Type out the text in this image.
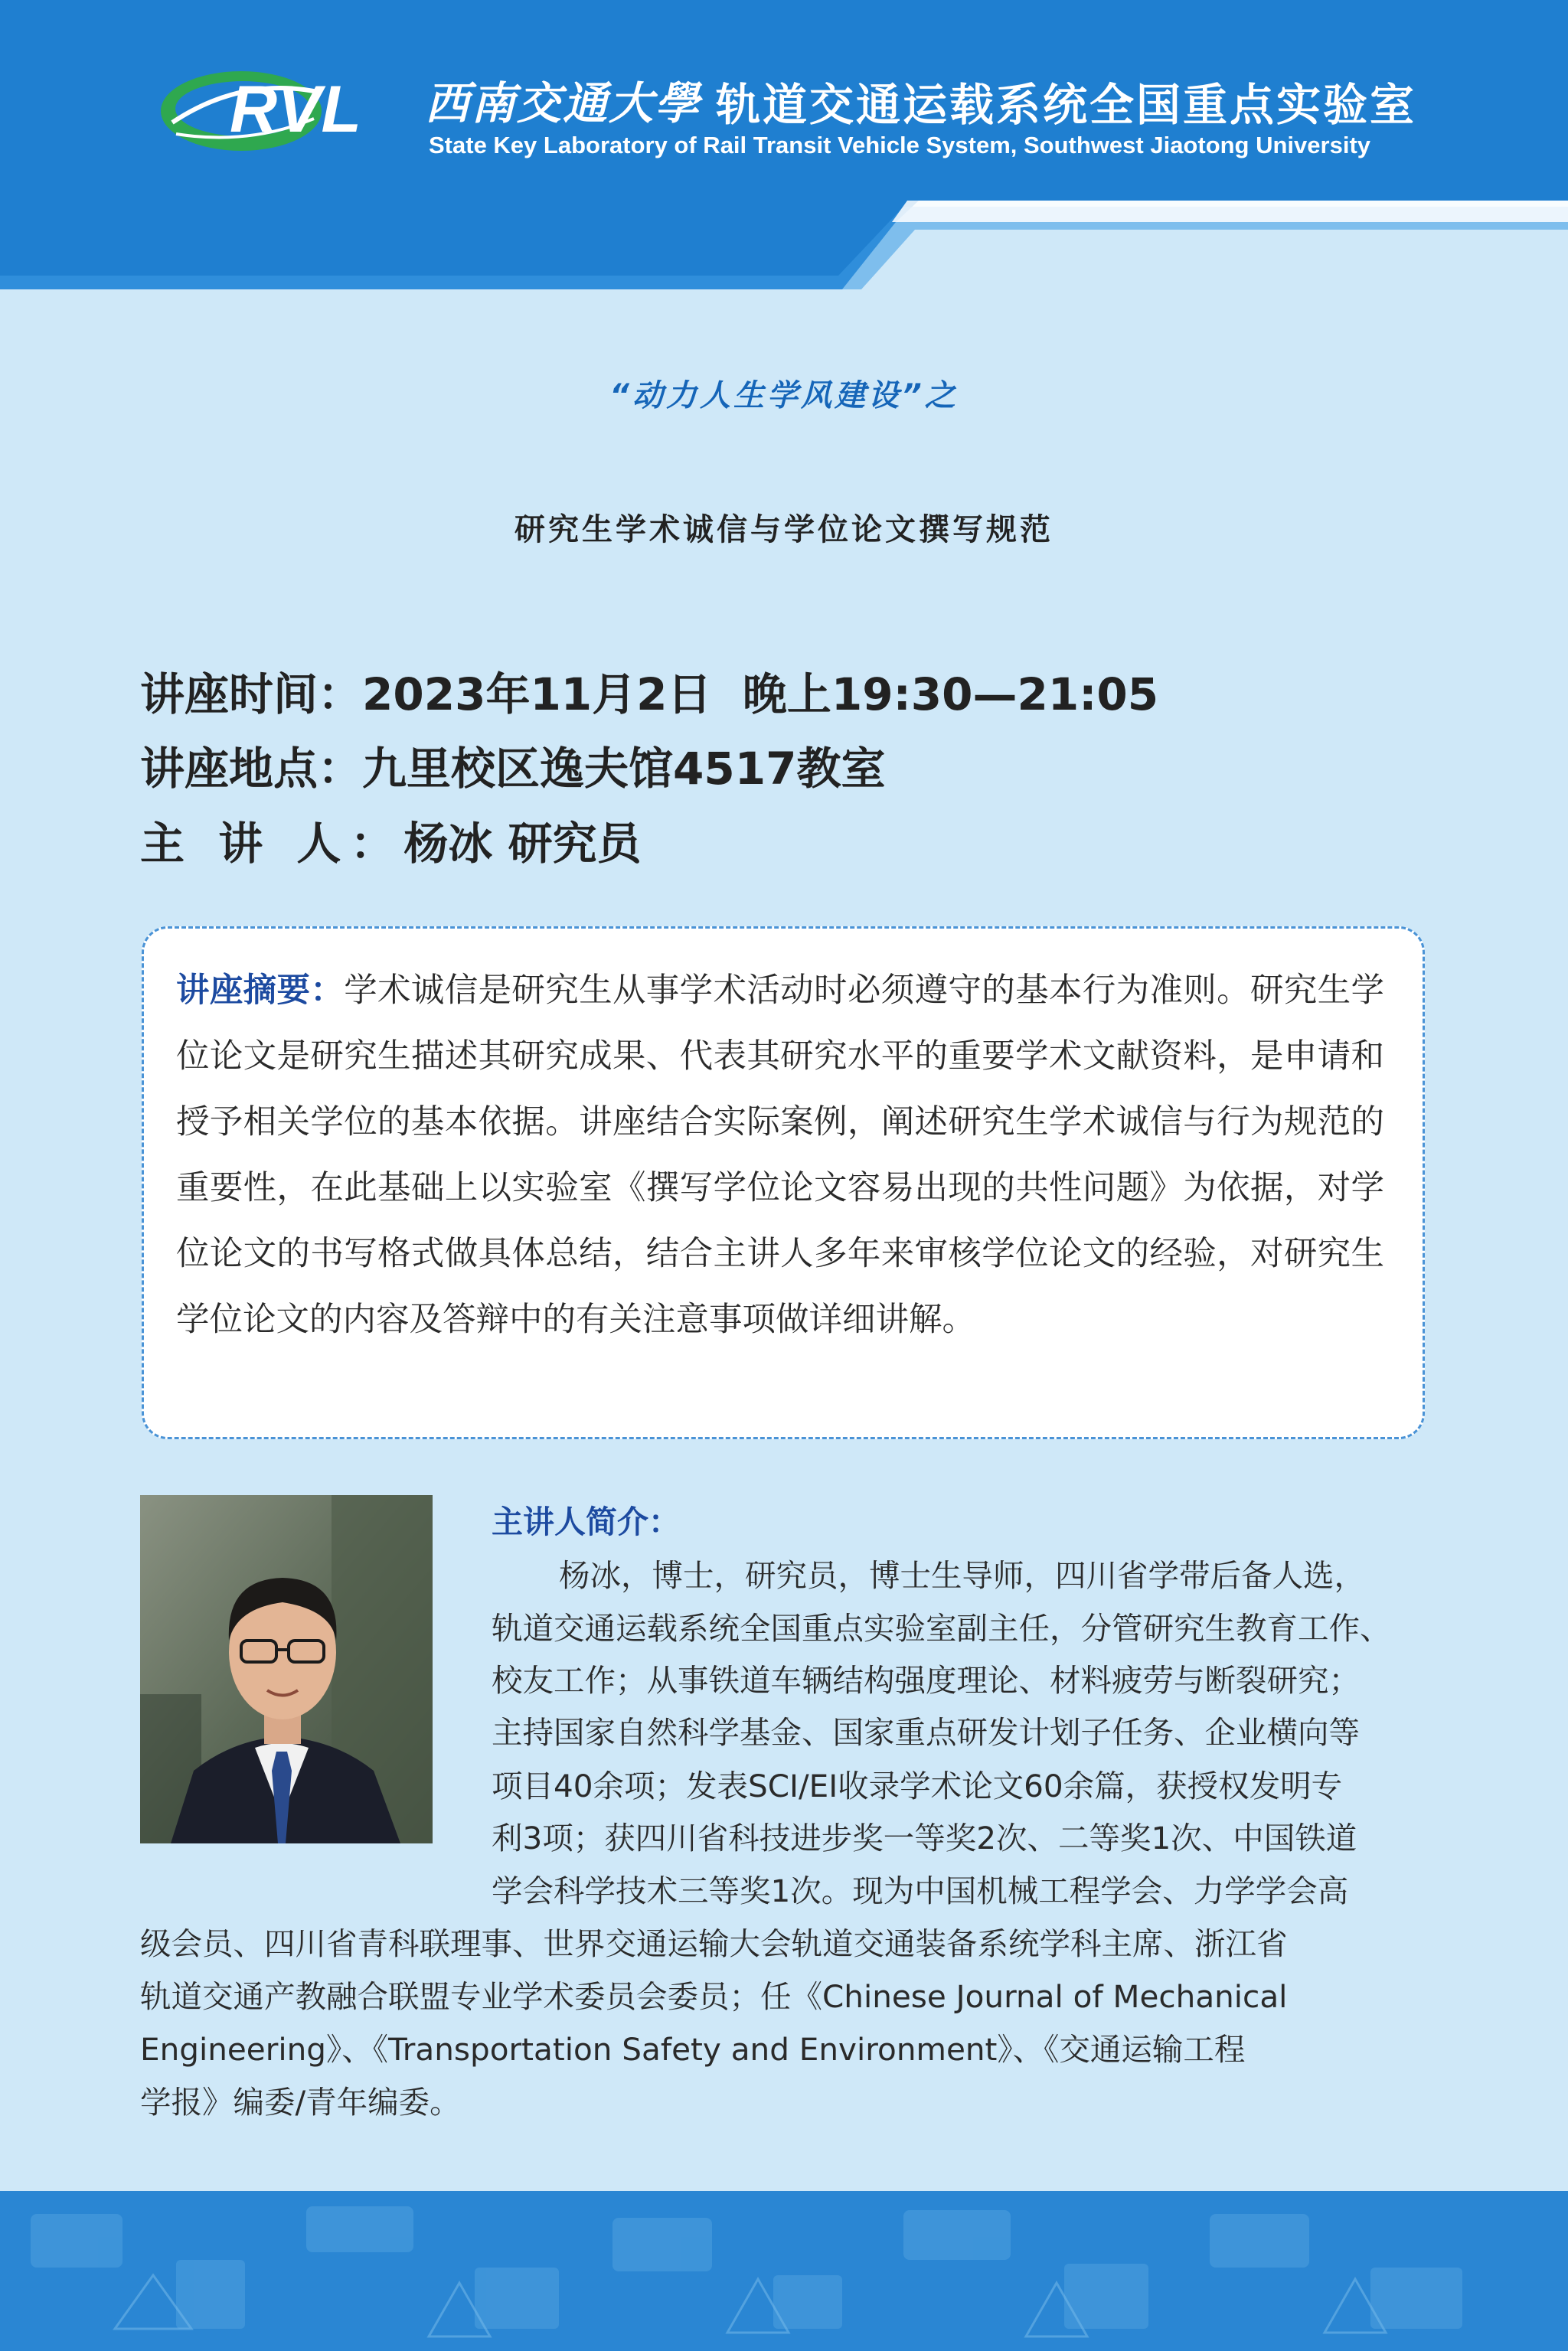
RVL 西南交通大學 轨道交通运载系统全国重点实验室
State Key Laboratory of Rail Transit Vehicle System, Southwest Jiaotong University
“动力人生学风建设”之
研究生学术诚信与学位论文撰写规范
讲座时间：2023年11月2日  晚上19:30—21:05
讲座地点：九里校区逸夫馆4517教室
主 讲 人：杨冰 研究员

讲座摘要：学术诚信是研究生从事学术活动时必须遵守的基本行为准则。研究生学位论文是研究生描述其研究成果、代表其研究水平的重要学术文献资料，是申请和授予相关学位的基本依据。讲座结合实际案例，阐述研究生学术诚信与行为规范的重要性，在此基础上以实验室《撰写学位论文容易出现的共性问题》为依据，对学位论文的书写格式做具体总结，结合主讲人多年来审核学位论文的经验，对研究生学位论文的内容及答辩中的有关注意事项做详细讲解。

主讲人简介：
杨冰，博士，研究员，博士生导师，四川省学带后备人选，
轨道交通运载系统全国重点实验室副主任，分管研究生教育工作、
校友工作；从事铁道车辆结构强度理论、材料疲劳与断裂研究；
主持国家自然科学基金、国家重点研发计划子任务、企业横向等
项目40余项；发表SCI/EI收录学术论文60余篇，获授权发明专
利3项；获四川省科技进步奖一等奖2次、二等奖1次、中国铁道
学会科学技术三等奖1次。现为中国机械工程学会、力学学会高
级会员、四川省青科联理事、世界交通运输大会轨道交通装备系统学科主席、浙江省
轨道交通产教融合联盟专业学术委员会委员；任《Chinese Journal of Mechanical
Engineering》、《Transportation Safety and Environment》、《交通运输工程
学报》编委/青年编委。
